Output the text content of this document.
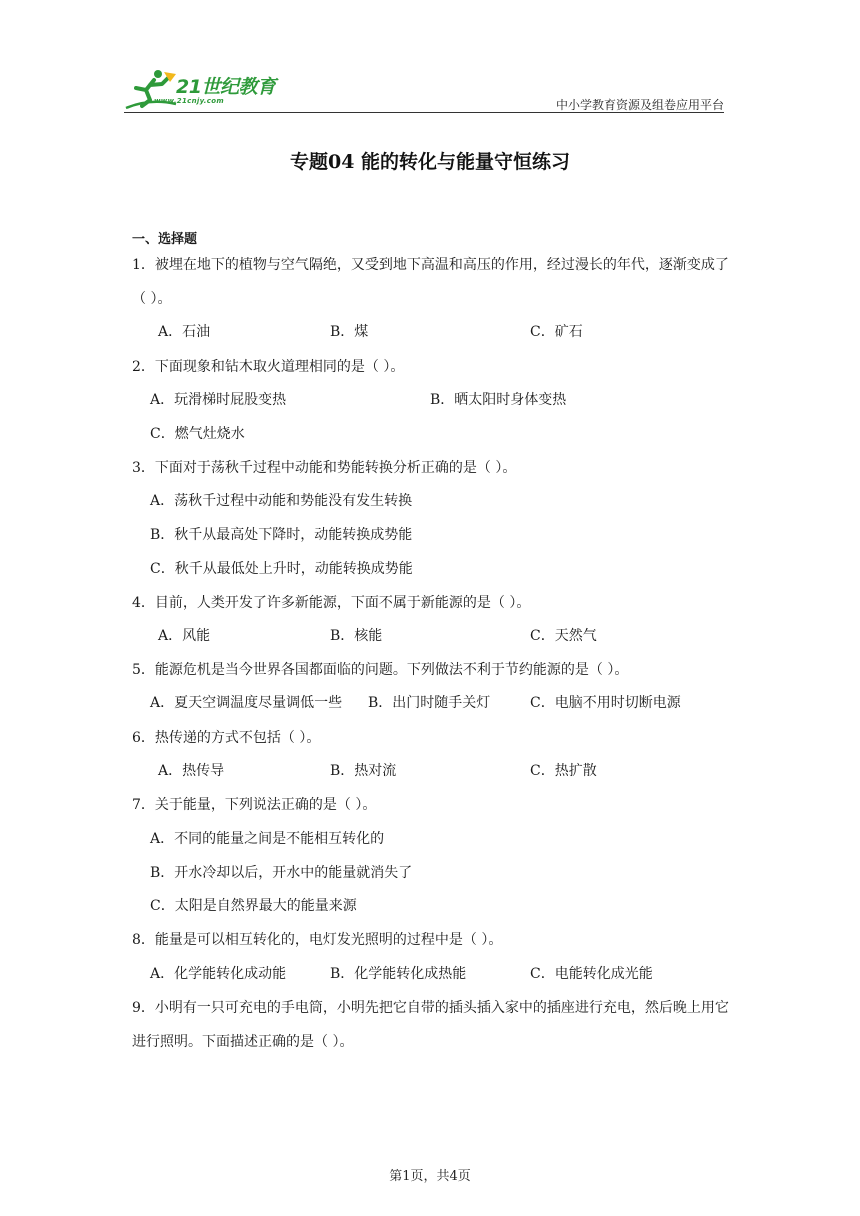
21世纪教育
www.21cnjy.com	中小学教育资源及组卷应用平台
专题04 能的转化与能量守恒练习
一、选择题
1．被埋在地下的植物与空气隔绝，又受到地下高温和高压的作用，经过漫长的年代，逐渐变成了（ ）。
A．石油	B．煤	C．矿石
2．下面现象和钻木取火道理相同的是（ ）。
A．玩滑梯时屁股变热	B．晒太阳时身体变热
C．燃气灶烧水
3．下面对于荡秋千过程中动能和势能转换分析正确的是（ ）。
A．荡秋千过程中动能和势能没有发生转换
B．秋千从最高处下降时，动能转换成势能
C．秋千从最低处上升时，动能转换成势能
4．目前，人类开发了许多新能源，下面不属于新能源的是（ ）。
A．风能	B．核能	C．天然气
5．能源危机是当今世界各国都面临的问题。下列做法不利于节约能源的是（ ）。
A．夏天空调温度尽量调低一些 B．出门时随手关灯	C．电脑不用时切断电源
6．热传递的方式不包括（ ）。
A．热传导	B．热对流	C．热扩散
7．关于能量，下列说法正确的是（ ）。
A．不同的能量之间是不能相互转化的
B．开水冷却以后，开水中的能量就消失了
C．太阳是自然界最大的能量来源
8．能量是可以相互转化的，电灯发光照明的过程中是（ ）。
A．化学能转化成动能	B．化学能转化成热能	C．电能转化成光能
9．小明有一只可充电的手电筒，小明先把它自带的插头插入家中的插座进行充电，然后晚上用它进行照明。下面描述正确的是（ ）。
第1页，共4页
